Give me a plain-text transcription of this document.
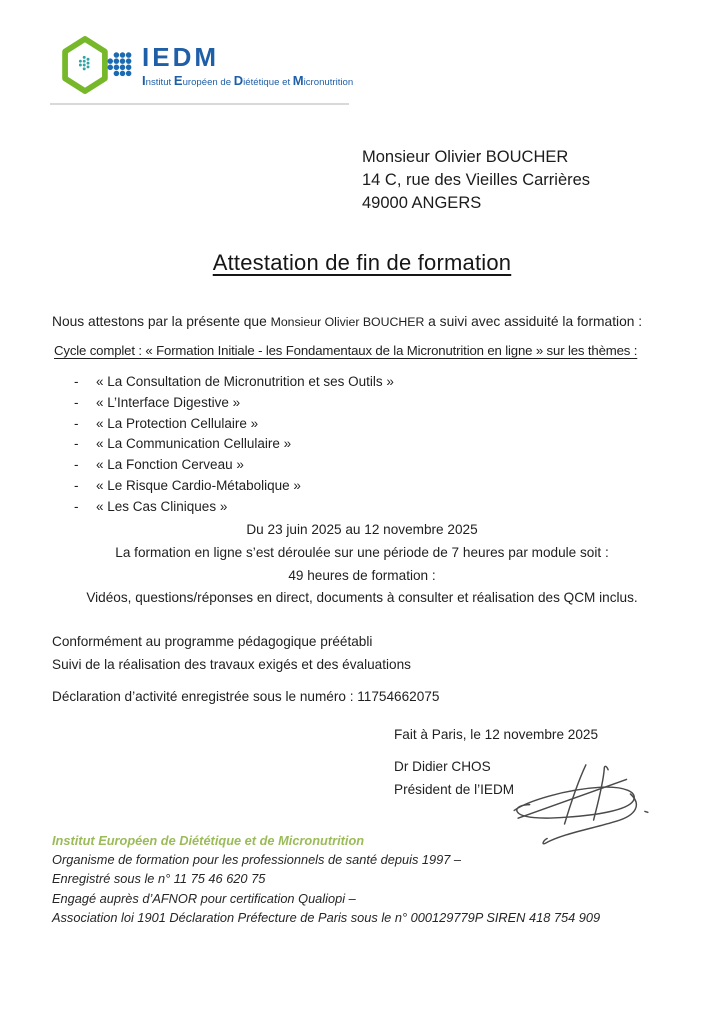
IEDM
Institut Européen de Diététique et Micronutrition
Monsieur Olivier BOUCHER
14 C, rue des Vieilles Carrières
49000 ANGERS
Attestation de fin de formation

Nous attestons par la présente que Monsieur Olivier BOUCHER a suivi avec assiduité la formation :

Cycle complet : « Formation Initiale - les Fondamentaux de la Micronutrition en ligne » sur les thèmes :

-	« La Consultation de Micronutrition et ses Outils »
-	« L’Interface Digestive »
-	« La Protection Cellulaire »
-	« La Communication Cellulaire »
-	« La Fonction Cerveau »
-	« Le Risque Cardio-Métabolique »
-	« Les Cas Cliniques »
Du 23 juin 2025 au 12 novembre 2025
La formation en ligne s’est déroulée sur une période de 7 heures par module soit :
49 heures de formation :
Vidéos, questions/réponses en direct, documents à consulter et réalisation des QCM inclus.
Conformément au programme pédagogique préétabli
Suivi de la réalisation des travaux exigés et des évaluations

Déclaration d’activité enregistrée sous le numéro : 11754662075

Fait à Paris, le 12 novembre 2025
Dr Didier CHOS
Président de l’IEDM
Institut Européen de Diététique et de Micronutrition
Organisme de formation pour les professionnels de santé depuis 1997 –
Enregistré sous le n° 11 75 46 620 75
Engagé auprès d’AFNOR pour certification Qualiopi –
Association loi 1901 Déclaration Préfecture de Paris sous le n° 000129779P SIREN 418 754 909
